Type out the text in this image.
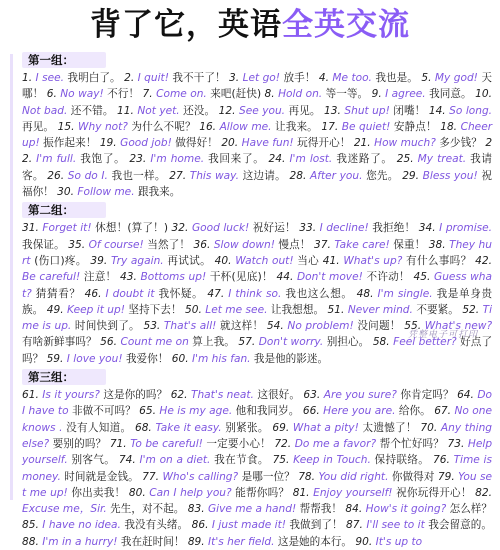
背了它，英语全英交流
第一组：
1. I see. 我明白了。 2. I quit! 我不干了！ 3. Let go! 放手！ 4. Me too. 我也是。 5. My god! 天哪！ 6. No way! 不行！ 7. Come on. 来吧(赶快) 8. Hold on. 等一等。 9. I agree. 我同意。 10. Not bad. 还不错。 11. Not yet. 还没。 12. See you. 再见。 13. Shut up! 闭嘴！ 14. So long. 再见。 15. Why not? 为什么不呢？ 16. Allow me. 让我来。 17. Be quiet! 安静点！ 18. Cheer up! 振作起来！ 19. Good job! 做得好！ 20. Have fun! 玩得开心！ 21. How much? 多少钱？ 22. I'm full. 我饱了。 23. I'm home. 我回来了。 24. I'm lost. 我迷路了。 25. My treat. 我请客。 26. So do I. 我也一样。 27. This way. 这边请。 28. After you. 您先。 29. Bless you! 祝福你！ 30. Follow me. 跟我来。
第二组：
31. Forget it! 休想！(算了！) 32. Good luck! 祝好运！ 33. I decline! 我拒绝！ 34. I promise. 我保证。 35. Of course! 当然了！ 36. Slow down! 慢点！ 37. Take care! 保重！ 38. They hurt (伤口)疼。 39. Try again. 再试试。 40. Watch out! 当心 41. What's up? 有什么事吗？ 42. Be careful! 注意！ 43. Bottoms up! 干杯(见底)！ 44. Don't move! 不许动！ 45. Guess what? 猜猜看？ 46. I doubt it 我怀疑。 47. I think so. 我也这么想。 48. I'm single. 我是单身贵族。 49. Keep it up! 坚持下去！ 50. Let me see. 让我想想。 51. Never mind. 不要紧。 52. Time is up. 时间快到了。 53. That's all! 就这样！ 54. No problem! 没问题！ 55. What's new? 有啥新鲜事吗？ 56. Count me on 算上我。 57. Don't worry. 别担心。 58. Feel better? 好点了吗？ 59. I love you! 我爱你！ 60. I'm his fan. 我是他的影迷。
第三组：
61. Is it yours? 这是你的吗？ 62. That's neat. 这很好。 63. Are you sure? 你肯定吗？ 64. Do I have to 非做不可吗？ 65. He is my age. 他和我同岁。 66. Here you are. 给你。 67. No one knows . 没有人知道。 68. Take it easy. 别紧张。 69. What a pity! 太遗憾了！ 70. Any thing else? 要别的吗？ 71. To be careful! 一定要小心！ 72. Do me a favor? 帮个忙好吗？ 73. Help yourself. 别客气。 74. I'm on a diet. 我在节食。 75. Keep in Touch. 保持联络。 76. Time is money. 时间就是金钱。 77. Who's calling? 是哪一位？ 78. You did right. 你做得对 79. You set me up! 你出卖我！ 80. Can I help you? 能帮你吗？ 81. Enjoy yourself! 祝你玩得开心！ 82. Excuse me，Sir. 先生，对不起。 83. Give me a hand! 帮帮我！ 84. How's it going? 怎么样？ 85. I have no idea. 我没有头绪。 86. I just made it! 我做到了！ 87. I'll see to it 我会留意的。 88. I'm in a hurry! 我在赶时间！ 89. It's her field. 这是她的本行。 90. It's up to
凭整电子可打印
